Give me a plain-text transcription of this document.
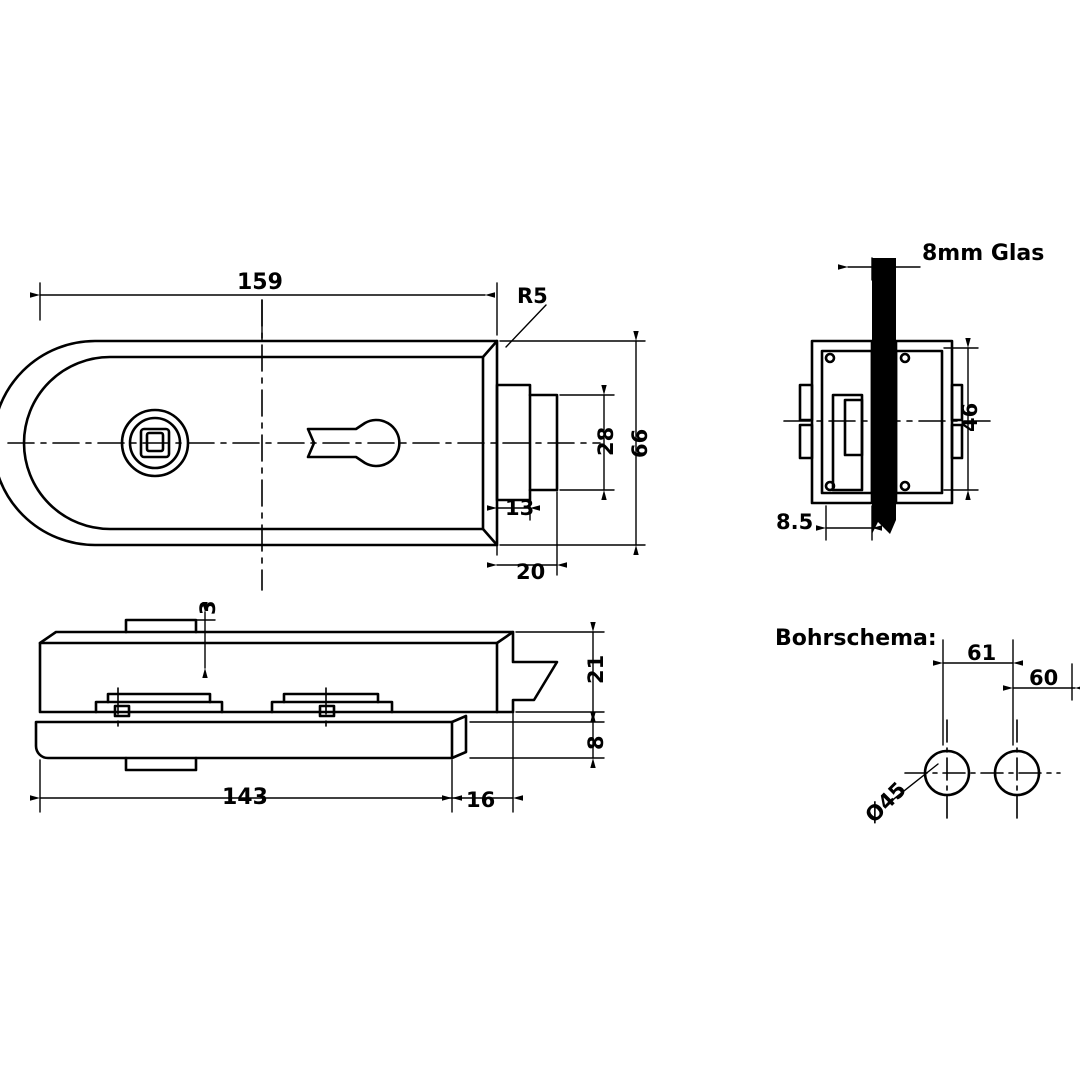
159
R5
28 66
13
20
3
21
8
143	16
8mm Glas
8.5
46
Bohrschema:
61
60
Ø45
